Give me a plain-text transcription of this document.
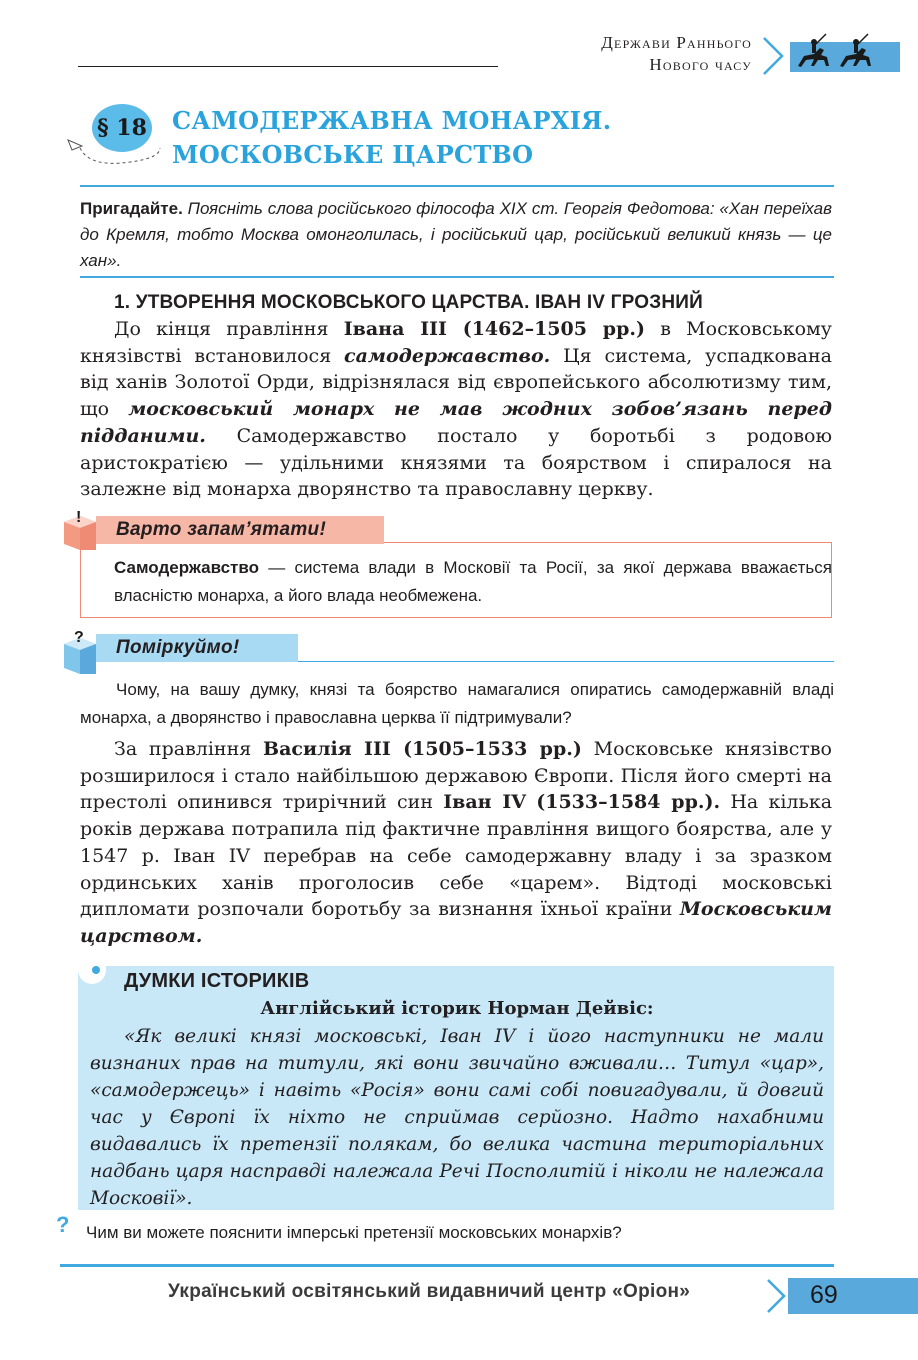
Держави Раннього
Нового часу
§ 18 САМОДЕРЖАВНА МОНАРХІЯ.
МОСКОВСЬКЕ ЦАРСТВО
Пригадайте. Поясніть слова російського філософа XIX ст. Георгія Федотова: «Хан переїхав до Кремля, тобто Москва омонголилась, і російський цар, російський великий князь — це хан».
1. УТВОРЕННЯ МОСКОВСЬКОГО ЦАРСТВА. ІВАН IV ГРОЗНИЙ

До кінця правління Івана III (1462–1505 рр.) в Московському князівстві встановилося самодержавство. Ця система, успадкована від ханів Золотої Орди, відрізнялася від європейського абсолютизму тим, що московський монарх не мав жодних зобов’язань перед підданими. Самодержавство постало у боротьбі з родовою аристократією — удільними князями та боярством і спиралося на залежне від монарха дворянство та православну церкву.

Варто запам’ятати!
!
Самодержавство — система влади в Московії та Росії, за якої держава вважається власністю монарха, а його влада необмежена.
Поміркуймо!
?
Чому, на вашу думку, князі та боярство намагалися опиратись самодержавній владі монарха, а дворянство і православна церква її підтримували?

За правління Василія III (1505–1533 рр.) Московське князівство розширилося і стало найбільшою державою Європи. Після його смерті на престолі опинився трирічний син Іван IV (1533–1584 рр.). На кілька років держава потрапила під фактичне правління вищого боярства, але у 1547 р. Іван IV перебрав на себе самодержавну владу і за зразком ординських ханів проголосив себе «царем». Відтоді московські дипломати розпочали боротьбу за визнання їхньої країни Московським царством.

ДУМКИ ІСТОРИКІВ
Англійський історик Норман Дейвіс:
«Як великі князі московські, Іван IV і його наступники не мали визнаних прав на титули, які вони звичайно вживали… Титул «цар», «самодержець» і навіть «Росія» вони самі собі повигадували, й довгий час у Європі їх ніхто не сприймав серйозно. Надто нахабними видавались їх претензії полякам, бо велика частина територіальних надбань царя насправді належала Речі Посполитій і ніколи не належала Московії».
? Чим ви можете пояснити імперські претензії московських монархів?
Український освітянський видавничий центр «Оріон»	69
